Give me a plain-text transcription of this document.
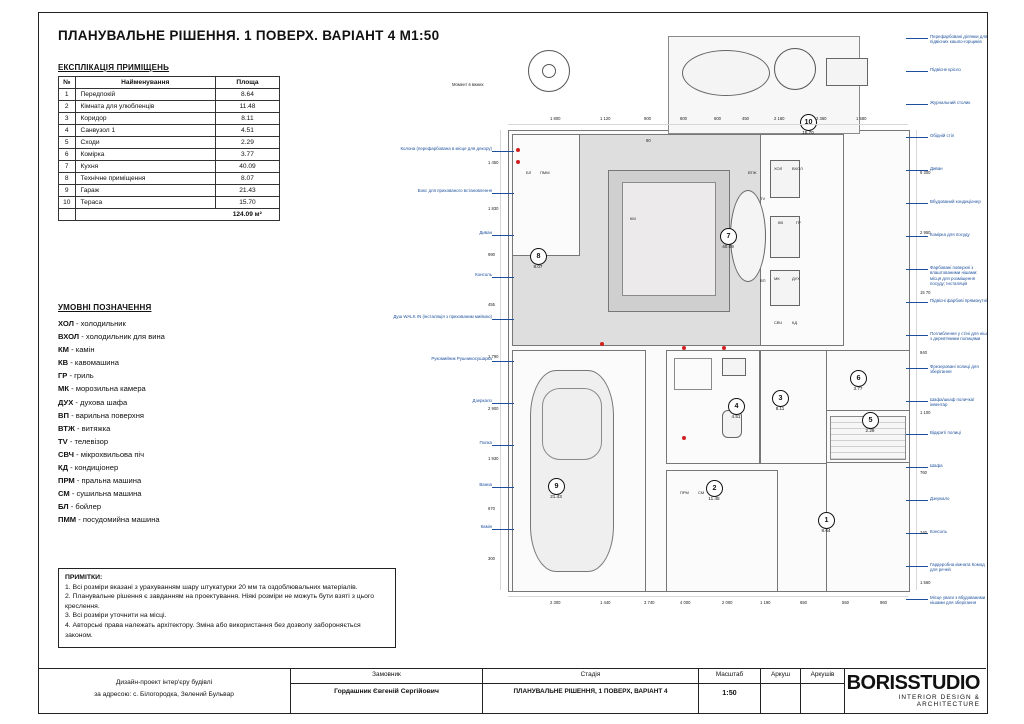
ПЛАНУВАЛЬНЕ РІШЕННЯ. 1 ПОВЕРХ. ВАРІАНТ 4 М1:50
ЕКСПЛІКАЦІЯ ПРИМІЩЕНЬ
№	Найменування	Площа
1	Передпокій	8.64
2	Кімната для улюбленців	11.48
3	Коридор	8.11
4	Санвузол 1	4.51
5	Сходи	2.29
6	Комірка	3.77
7	Кухня	40.09
8	Технічне приміщення	8.07
9	Гараж	21.43
10	Тераса	15.70
		124.09 м²
УМОВНІ ПОЗНАЧЕННЯ
ХОЛ - холодильник
ВХОЛ - холодильник для вина
КМ - камін
КВ - кавомашина
ГР - гриль
МК - морозильна камера
ДУХ - духова шафа
ВП - варильна поверхня
ВТЖ - витяжка
TV - телевізор
СВЧ - мікрохвильова піч
КД - кондиціонер
ПРМ - пральна машина
СМ - сушильна машина
БЛ - бойлер
ПММ - посудомийна машина
ПРИМІТКИ:
1. Всі розміри вказані з урахуванням шару штукатурки 20 мм та оздоблювальних матеріалів.
2. Планувальне рішення є завданням на проектування. Ніякі розміри не можуть бути взяті з цього креслення.
3. Всі розміри уточнити на місці.
4. Авторські права належать архітектору. Зміна або використання без дозволу забороняється законом.
1
8.64
2
11.48
3
8.11
4
4.51	5
2.29
6
3.77
7
40.09
8
8.07
9
21.43
10
15.70
Колона (перефарбована в місце для декору)
Бокс для прихованого встановлення
Диван
Консоль
Душ WALK IN (інсталяція з прихованим мийкою)
Рукомийник Рушникосушарка
Дзеркало
Полка
Ванна
Камін
Перефарбовані ділянки для підвісних кашпо-горщиків
Підвісне крісло
Журнальний столик
Обідній стіл
Диван
Вбудований кондиціонер
Комірка для посуду
Фарбовані поверхні з влаштованими нішами: місця для розміщення посуду; Інсталяція
Підвісні фарбові прямокутні
Поглиблення у стіні для ніш з дерев'яними полицями
Фрезеровані полиці для зберігання
Шафа/шкаф поличка/ інвентар
Відкриті полиці
Шафа
Дзеркало
Консоль
Гардеробна кімната Комод для речей
Місце уваги з вбудованими нішами для зберігання
1 800	1 120	900	800	600	450	2 160	2 360	1 580
2 300	1 440	3 740	4 000	2 000	1 190	650	550	960
1 450
1 830
990
455
1 790
2 900
1 930
670
300
9 300
2 950
15 70
940
1 100
760
240
1 560
90
ХОЛ ВХОЛ
КМ
КВ	ГР
МК	ДУХ
ВП
ВТЖ
TV
СВЧ КД
ПРМ СМ
БЛ ПММ
Момент в вжних
Дизайн-проект інтер'єру будівлі
за адресою: с. Білогородка, Зелений Бульвар
Замовник
Гордашник Євгеній Сергійович
Стадія
ПЛАНУВАЛЬНЕ РІШЕННЯ, 1 ПОВЕРХ, ВАРІАНТ 4
Масштаб
1:50
Аркуш	Аркушів BORISSTUDIO
INTERIOR DESIGN & ARCHITECTURE
